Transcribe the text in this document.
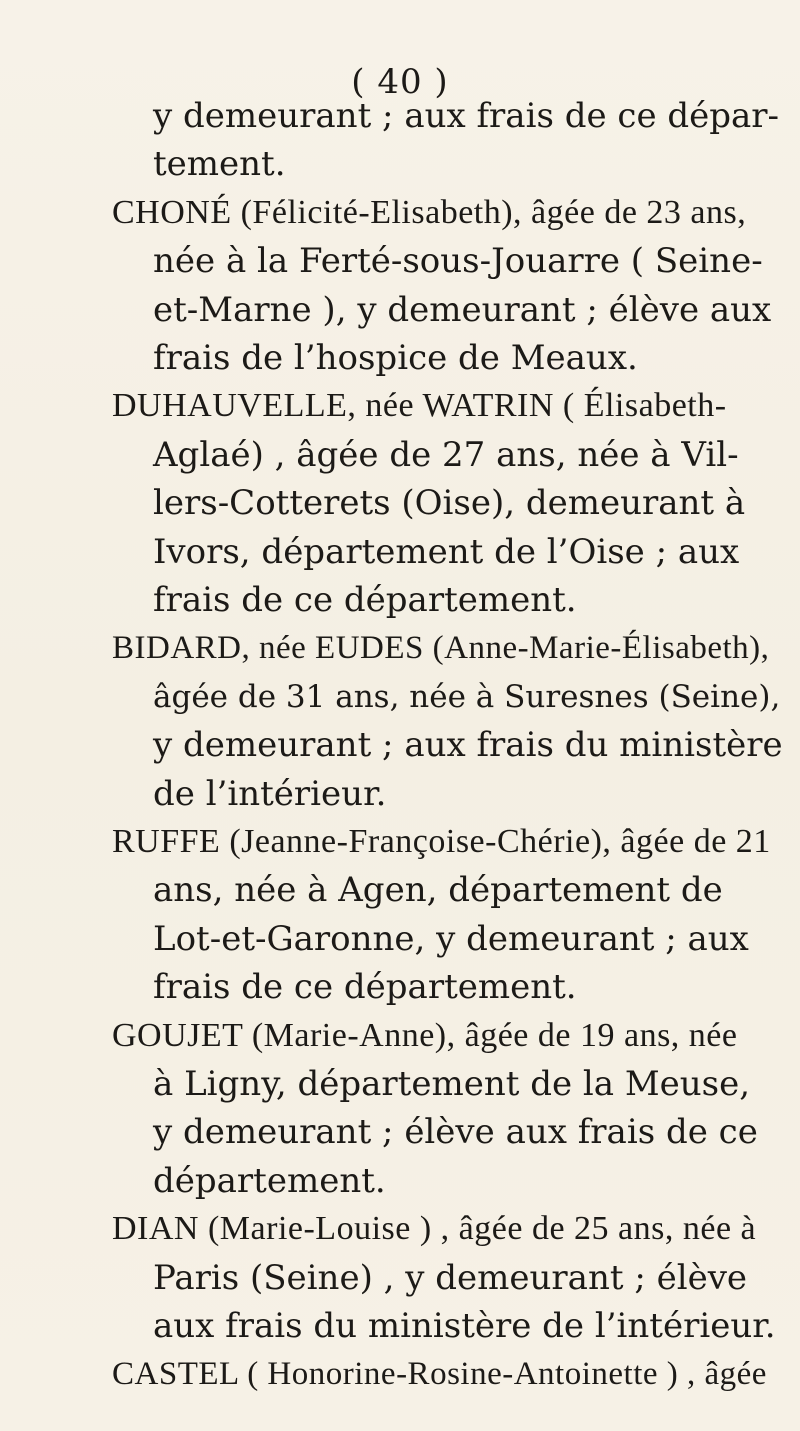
( 40 )
y demeurant ; aux frais de ce dépar-
tement.
CHONÉ (Félicité-Elisabeth), âgée de 23 ans,
née à la Ferté-sous-Jouarre ( Seine-
et-Marne ), y demeurant ; élève aux
frais de l’hospice de Meaux.
DUHAUVELLE, née WATRIN ( Élisabeth-
Aglaé) , âgée de 27 ans, née à Vil-
lers-Cotterets (Oise), demeurant à
Ivors, département de l’Oise ; aux
frais de ce département.
BIDARD, née EUDES (Anne-Marie-Élisabeth),
âgée de 31 ans, née à Suresnes (Seine),
y demeurant ; aux frais du ministère
de l’intérieur.
RUFFE (Jeanne-Françoise-Chérie), âgée de 21
ans, née à Agen, département de
Lot-et-Garonne, y demeurant ; aux
frais de ce département.
GOUJET (Marie-Anne), âgée de 19 ans, née
à Ligny, département de la Meuse,
y demeurant ; élève aux frais de ce
département.
DIAN (Marie-Louise ) , âgée de 25 ans, née à
Paris (Seine) , y demeurant ; élève
aux frais du ministère de l’intérieur.
CASTEL ( Honorine-Rosine-Antoinette ) , âgée
